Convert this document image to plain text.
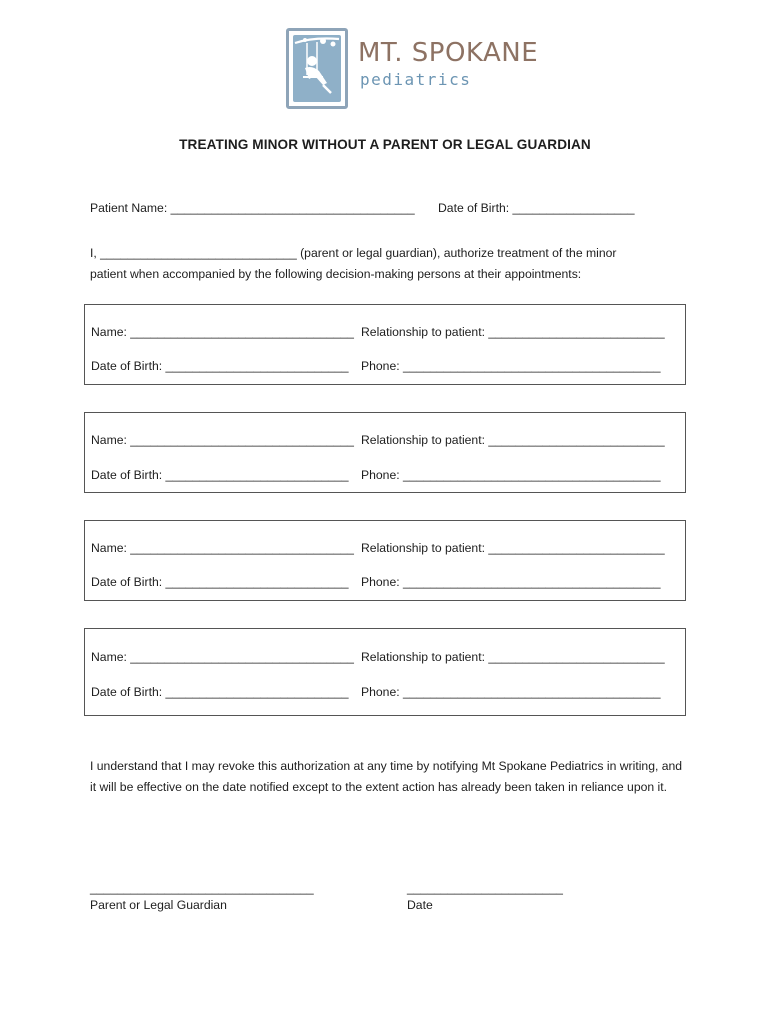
MT. SPOKANE
pediatrics
TREATING MINOR WITHOUT A PARENT OR LEGAL GUARDIAN
Patient Name: ____________________________________ Date of Birth: __________________
I, _____________________________ (parent or legal guardian), authorize treatment of the minor
patient when accompanied by the following decision-making persons at their appointments:
Name: _________________________________ Relationship to patient: __________________________
Date of Birth: ___________________________ Phone: ______________________________________
Name: _________________________________ Relationship to patient: __________________________
Date of Birth: ___________________________ Phone: ______________________________________
Name: _________________________________ Relationship to patient: __________________________
Date of Birth: ___________________________ Phone: ______________________________________
Name: _________________________________ Relationship to patient: __________________________
Date of Birth: ___________________________ Phone: ______________________________________
I understand that I may revoke this authorization at any time by notifying Mt Spokane Pediatrics in writing, and it will be effective on the date notified except to the extent action has already been taken in reliance upon it.
_________________________________
Parent or Legal Guardian
_______________________
Date
